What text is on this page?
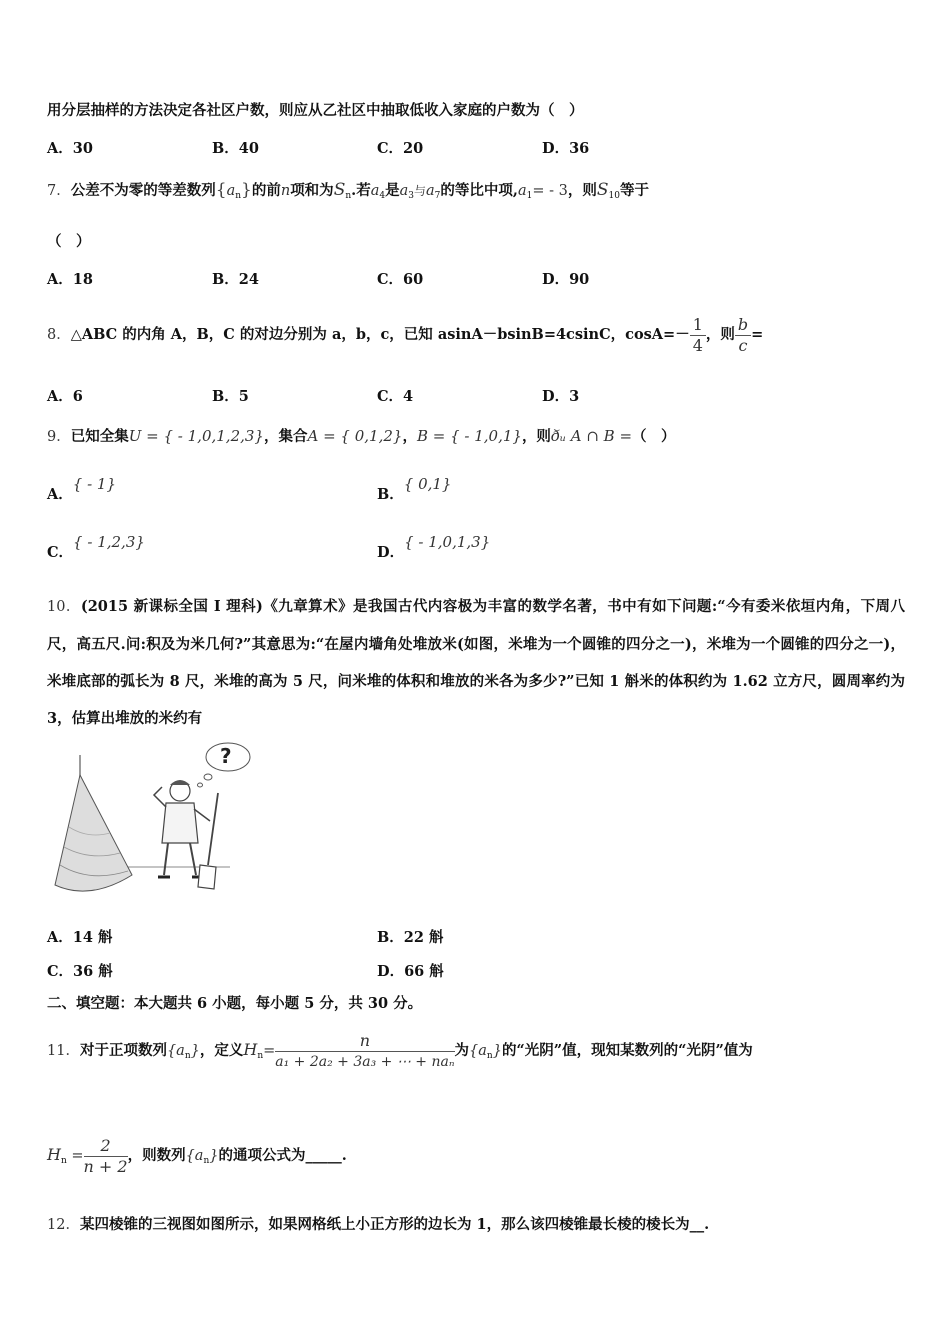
用分层抽样的方法决定各社区户数，则应从乙社区中抽取低收入家庭的户数为（　）
A．30	B．40	C．20	D．36
7．公差不为零的等差数列$\{a_n\}$的前n项和为$S_n$.若$a_4$是$a_3$与$a_7$的等比中项$,a_1= - 3$，则$S_{10}$等于
（　）
A．18	B．24	C．60	D．90
8．△ABC 的内角 A，B，C 的对边分别为 a，b，c，已知 asinA－bsinB=4csinC，$\cos A=- \frac{1}{4}$ ，则 $\frac{b}{c}$ =
A．6	B．5	C．4	D．3
9．已知全集U = { - 1,0,1,2,3}，集合A = { 0,1,2}，B = { - 1,0,1}，则ðᵤ A ∩ B =（　）
A．{ - 1}
B．{ 0,1}
C．{ - 1,2,3}
D．{ - 1,0,1,3}
10．(2015 新课标全国 I 理科)《九章算术》是我国古代内容极为丰富的数学名著，书中有如下问题:“今有委米依垣内角，下周八尺，高五尺.问:积及为米几何?”其意思为:“在屋内墙角处堆放米(如图，米堆为一个圆锥的四分之一)，米堆为一个圆锥的四分之一)，米堆底部的弧长为 8 尺，米堆的高为 5 尺，问米堆的体积和堆放的米各为多少?”已知 1 斛米的体积约为 1.62 立方尺，圆周率约为 3，估算出堆放的米约有
?
A．14 斛	B．22 斛
C．36 斛	D．66 斛
二、填空题：本大题共 6 小题，每小题 5 分，共 30 分。
11．对于正项数列$\{a_n\}$，定义$H_n= \frac{n}{\text{a₁ + 2a₂ + 3a₃ + ⋯ + naₙ}}$ 为$\{a_n\}$的“光阴”值，现知某数列的“光阴”值为
$H_n = \frac{2}{n + 2}$ ，则数列$\{a_n\}$的通项公式为_____.
12．某四棱锥的三视图如图所示，如果网格纸上小正方形的边长为 1，那么该四棱锥最长棱的棱长为__.
